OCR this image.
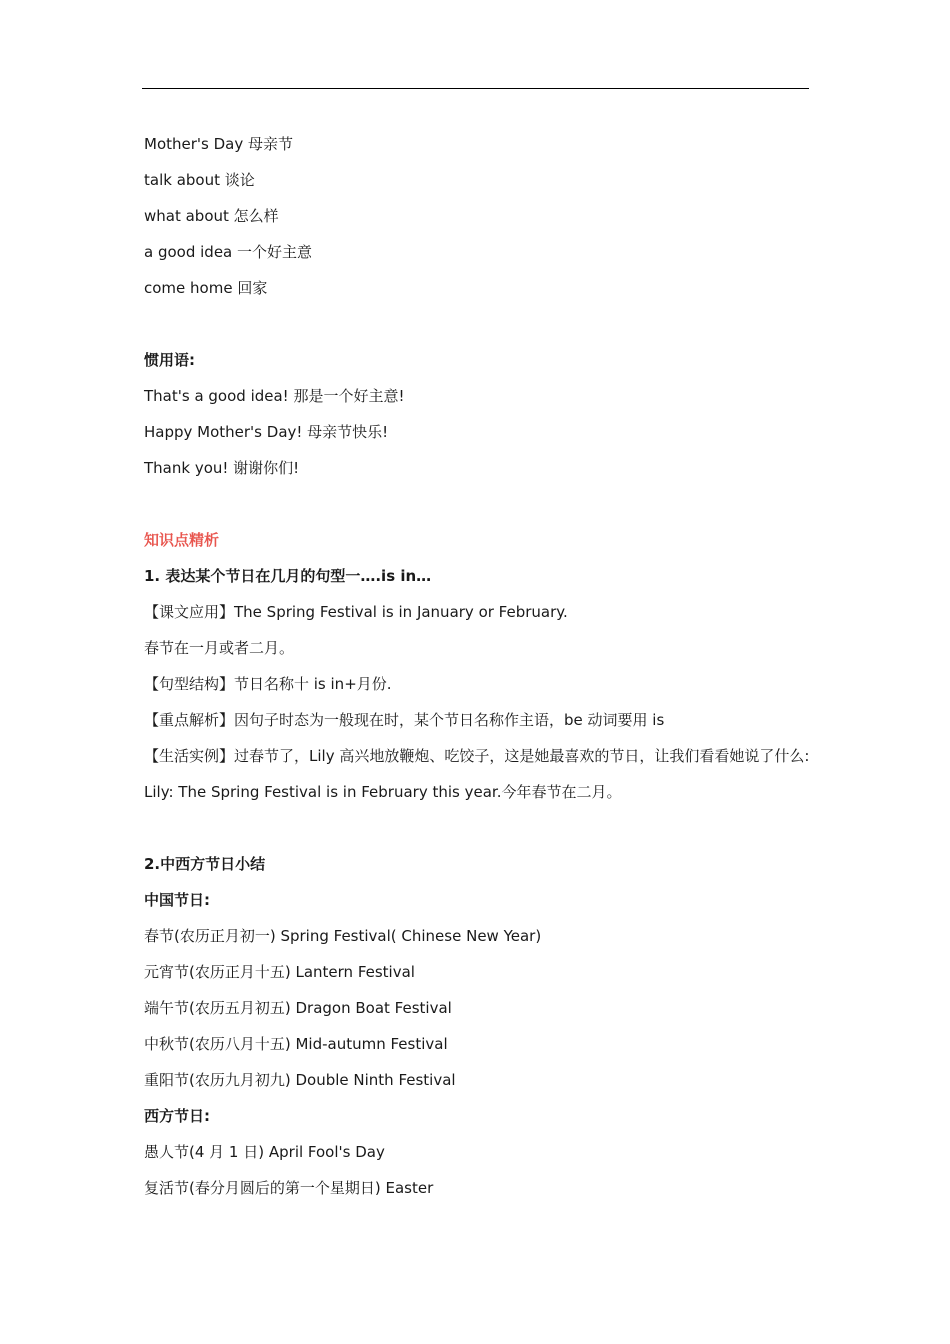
Mother's Day 母亲节
talk about 谈论
what about 怎么样
a good idea 一个好主意
come home 回家
惯用语:
That's a good idea! 那是一个好主意!
Happy Mother's Day! 母亲节快乐!
Thank you! 谢谢你们!
知识点精析
1. 表达某个节日在几月的句型一….is in…
【课文应用】The Spring Festival is in January or February.
春节在一月或者二月。
【句型结构】节日名称十 is in+月份.
【重点解析】因句子时态为一般现在时，某个节日名称作主语，be 动词要用 is
【生活实例】过春节了，Lily 高兴地放鞭炮、吃饺子，这是她最喜欢的节日，让我们看看她说了什么:
Lily: The Spring Festival is in February this year.今年春节在二月。
2.中西方节日小结
中国节日:
春节(农历正月初一) Spring Festival( Chinese New Year)
元宵节(农历正月十五) Lantern Festival
端午节(农历五月初五) Dragon Boat Festival
中秋节(农历八月十五) Mid-autumn Festival
重阳节(农历九月初九) Double Ninth Festival
西方节日:
愚人节(4 月 1 日) April Fool's Day
复活节(春分月圆后的第一个星期日) Easter
